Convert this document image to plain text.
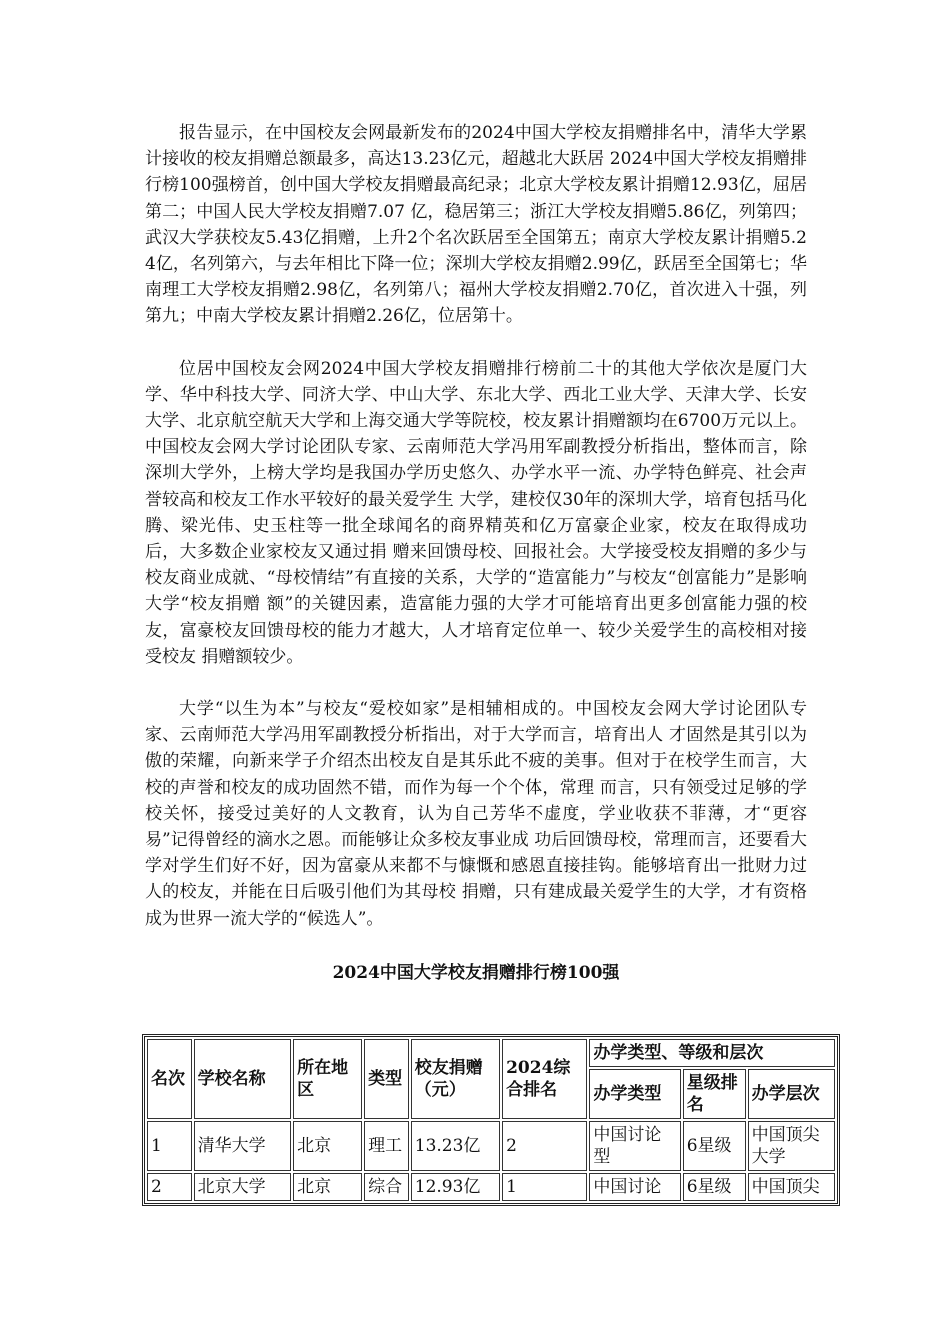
报告显示，在中国校友会网最新发布的2024中国大学校友捐赠排名中，清华大学累计接收的校友捐赠总额最多，高达13.23亿元，超越北大跃居 2024中国大学校友捐赠排行榜100强榜首，创中国大学校友捐赠最高纪录；北京大学校友累计捐赠12.93亿，屈居第二；中国人民大学校友捐赠7.07 亿，稳居第三；浙江大学校友捐赠5.86亿，列第四；武汉大学获校友5.43亿捐赠，上升2个名次跃居至全国第五；南京大学校友累计捐赠5.24亿，名列第六，与去年相比下降一位；深圳大学校友捐赠2.99亿，跃居至全国第七；华南理工大学校友捐赠2.98亿，名列第八；福州大学校友捐赠2.70亿，首次进入十强，列第九；中南大学校友累计捐赠2.26亿，位居第十。

位居中国校友会网2024中国大学校友捐赠排行榜前二十的其他大学依次是厦门大学、华中科技大学、同济大学、中山大学、东北大学、西北工业大学、天津大学、长安大学、北京航空航天大学和上海交通大学等院校，校友累计捐赠额均在6700万元以上。中国校友会网大学讨论团队专家、云南师范大学冯用军副教授分析指出，整体而言，除深圳大学外，上榜大学均是我国办学历史悠久、办学水平一流、办学特色鲜亮、社会声誉较高和校友工作水平较好的最关爱学生 大学，建校仅30年的深圳大学，培育包括马化腾、梁光伟、史玉柱等一批全球闻名的商界精英和亿万富豪企业家，校友在取得成功后，大多数企业家校友又通过捐 赠来回馈母校、回报社会。大学接受校友捐赠的多少与校友商业成就、“母校情结”有直接的关系，大学的“造富能力”与校友“创富能力”是影响大学“校友捐赠 额”的关键因素，造富能力强的大学才可能培育出更多创富能力强的校友，富豪校友回馈母校的能力才越大，人才培育定位单一、较少关爱学生的高校相对接受校友 捐赠额较少。

大学“以生为本”与校友“爱校如家”是相辅相成的。中国校友会网大学讨论团队专家、云南师范大学冯用军副教授分析指出，对于大学而言，培育出人 才固然是其引以为傲的荣耀，向新来学子介绍杰出校友自是其乐此不疲的美事。但对于在校学生而言，大校的声誉和校友的成功固然不错，而作为每一个个体，常理 而言，只有领受过足够的学校关怀，接受过美好的人文教育，认为自己芳华不虚度，学业收获不菲薄，才“更容易”记得曾经的滴水之恩。而能够让众多校友事业成 功后回馈母校，常理而言，还要看大学对学生们好不好，因为富豪从来都不与慷慨和感恩直接挂钩。能够培育出一批财力过人的校友，并能在日后吸引他们为其母校 捐赠，只有建成最关爱学生的大学，才有资格成为世界一流大学的“候选人”。

2024中国大学校友捐赠排行榜100强
名次	学校名称	所在地区	类型	校友捐赠（元）	2024综合排名	办学类型、等级和层次		
						办学类型	星级排名	办学层次
1	清华大学	北京	理工	13.23亿	2	中国讨论型	6星级	中国顶尖大学
2	北京大学	北京	综合	12.93亿	1	中国讨论	6星级	中国顶尖
